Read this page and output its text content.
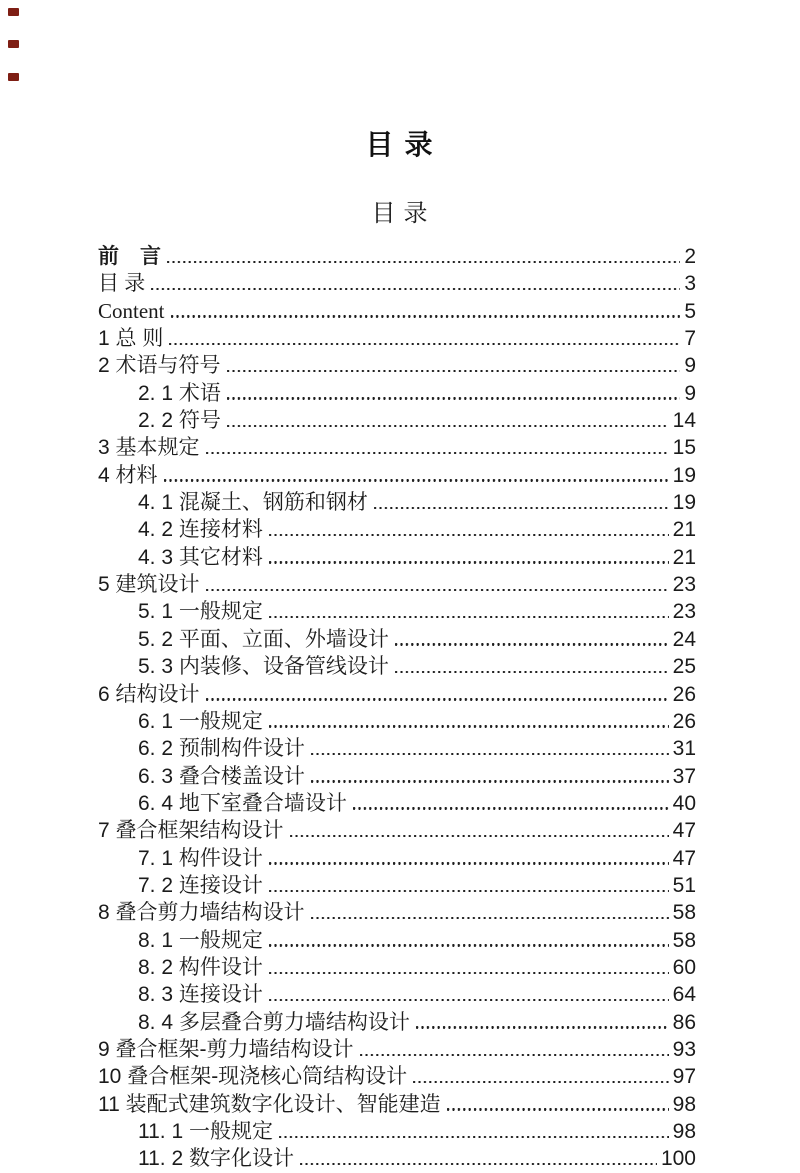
目 录
目 录
前　言	2
目 录	3
Content	5
1 总 则	7
2 术语与符号	9
2. 1 术语	9
2. 2 符号	14
3 基本规定	15
4 材料	19
4. 1 混凝土、钢筋和钢材	19
4. 2 连接材料	21
4. 3 其它材料	21
5 建筑设计	23
5. 1 一般规定	23
5. 2 平面、立面、外墙设计	24
5. 3 内装修、设备管线设计	25
6 结构设计	26
6. 1 一般规定	26
6. 2 预制构件设计	31
6. 3 叠合楼盖设计	37
6. 4 地下室叠合墙设计	40
7 叠合框架结构设计	47
7. 1 构件设计	47
7. 2 连接设计	51
8 叠合剪力墙结构设计	58
8. 1 一般规定	58
8. 2 构件设计	60
8. 3 连接设计	64
8. 4 多层叠合剪力墙结构设计	86
9 叠合框架-剪力墙结构设计	93
10 叠合框架-现浇核心筒结构设计	97
11 装配式建筑数字化设计、智能建造	98
11. 1 一般规定	98
11. 2 数字化设计	100
